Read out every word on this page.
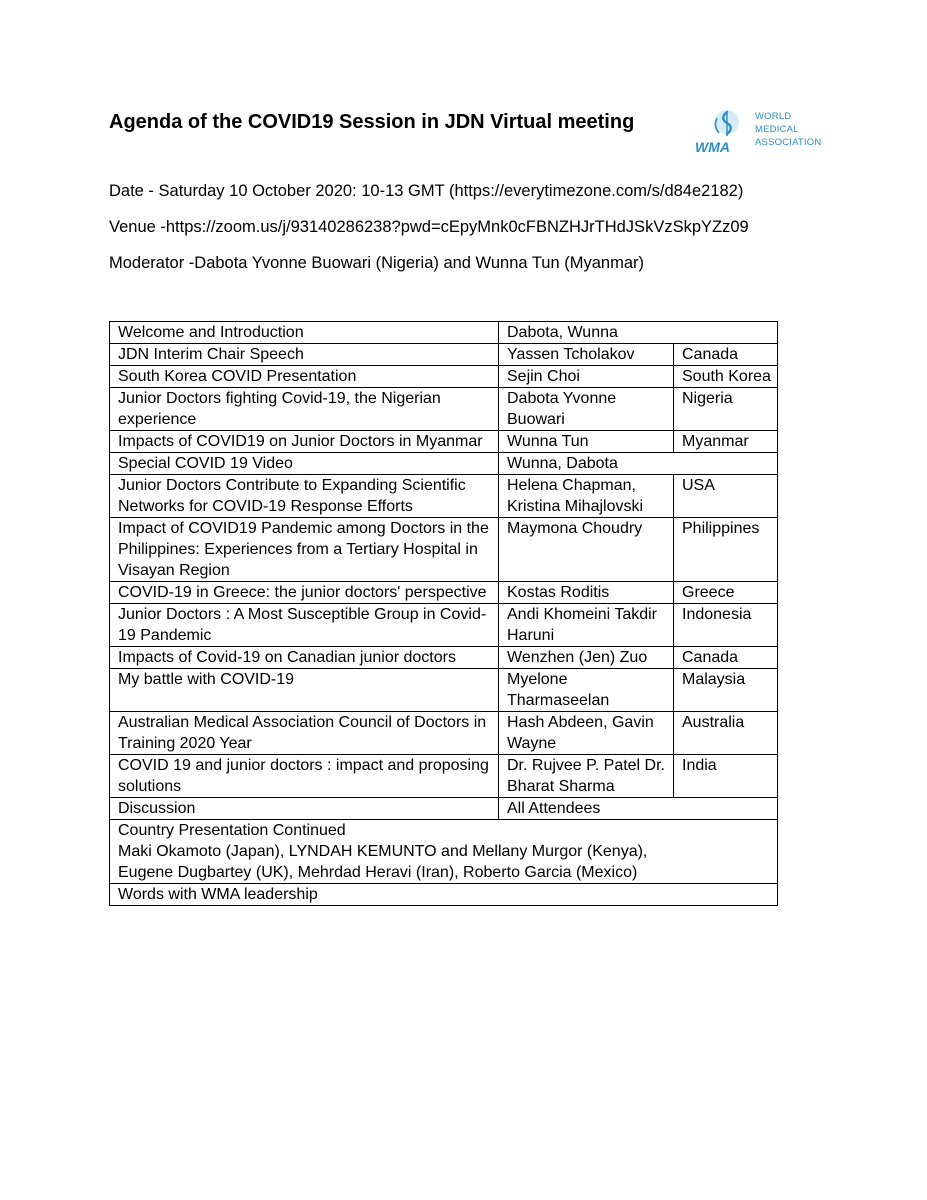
Agenda of the COVID19 Session in JDN Virtual meeting
WMA
WORLD
MEDICAL
ASSOCIATION
Date - Saturday 10 October 2020: 10-13 GMT (https://everytimezone.com/s/d84e2182)
Venue -https://zoom.us/j/93140286238?pwd=cEpyMnk0cFBNZHJrTHdJSkVzSkpYZz09
Moderator -Dabota Yvonne Buowari (Nigeria) and Wunna Tun (Myanmar)
Welcome and Introduction	Dabota, Wunna	
JDN Interim Chair Speech	Yassen Tcholakov	Canada
South Korea COVID Presentation	Sejin Choi	South Korea
Junior Doctors fighting Covid-19, the Nigerian experience	Dabota Yvonne Buowari	Nigeria
Impacts of COVID19 on Junior Doctors in Myanmar	Wunna Tun	Myanmar
Special COVID 19 Video	Wunna, Dabota	
Junior Doctors Contribute to Expanding Scientific Networks for COVID-19 Response Efforts	Helena Chapman, Kristina Mihajlovski	USA
Impact of COVID19 Pandemic among Doctors in the Philippines: Experiences from a Tertiary Hospital in Visayan Region	Maymona Choudry	Philippines
COVID-19 in Greece: the junior doctors' perspective	Kostas Roditis	Greece
Junior Doctors : A Most Susceptible Group in Covid-19 Pandemic	Andi Khomeini Takdir Haruni	Indonesia
Impacts of Covid-19 on Canadian junior doctors	Wenzhen (Jen) Zuo	Canada
My battle with COVID-19	Myelone Tharmaseelan	Malaysia
Australian Medical Association Council of Doctors in Training 2020 Year	Hash Abdeen, Gavin Wayne	Australia
COVID 19 and junior doctors : impact and proposing solutions	Dr. Rujvee P. Patel Dr. Bharat Sharma	India
Discussion	All Attendees	

Country Presentation Continued
Maki Okamoto (Japan), LYNDAH KEMUNTO and Mellany Murgor (Kenya),
Eugene Dugbartey (UK), Mehrdad Heravi (Iran), Roberto Garcia (Mexico)		

Words with WMA leadership		
